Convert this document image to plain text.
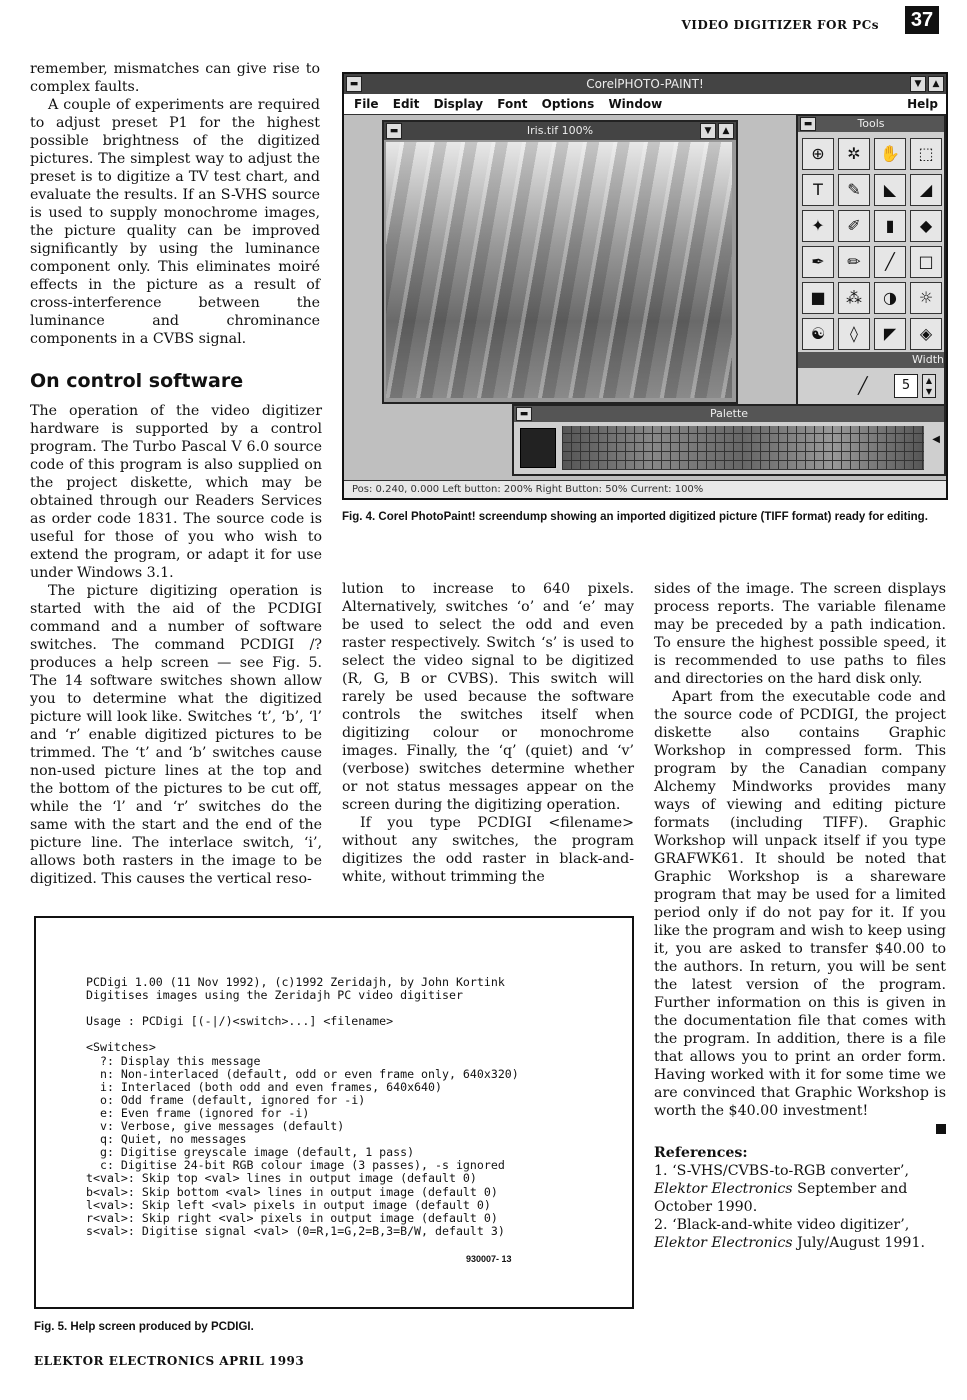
VIDEO DIGITIZER FOR PCs 37

remember, mismatches can give rise to complex faults.

A couple of experiments are required to adjust preset P1 for the highest possible brightness of the digitized pictures. The simplest way to adjust the preset is to digitize a TV test chart, and evaluate the results. If an S-VHS source is used to supply monochrome images, the picture quality can be improved significantly by using the luminance component only. This eliminates moiré effects in the picture as a result of cross-interference between the luminance and chrominance components in a CVBS signal.

On control software

The operation of the video digitizer hardware is supported by a control program. The Turbo Pascal V 6.0 source code of this program is also supplied on the project diskette, which may be obtained through our Readers Services as order code 1831. The source code is useful for those of you who wish to extend the program, or adapt it for use under Windows 3.1.

The picture digitizing operation is started with the aid of the PCDIGI command and a number of software switches. The command PCDIGI /? produces a help screen — see Fig. 5. The 14 software switches shown allow you to determine what the digitized picture will look like. Switches ‘t’, ‘b’, ‘l’ and ‘r’ enable digitized pictures to be trimmed. The ‘t’ and ‘b’ switches cause non-used picture lines at the top and the bottom of the pictures to be cut off, while the ‘l’ and ‘r’ switches do the same with the start and the end of the picture line. The interlace switch, ‘i’, allows both rasters in the image to be digitized. This causes the vertical reso-

▬	CorelPHOTO-PAINT!	▼	▲
File Edit Display Font Options Window	Help
▬	Iris.tif 100%	▼	▲
▬	Tools
⊕	✲	✋	⬚
T	✎	◣	◢
✦	✐	▮	◆
✒	✏	╱	□
■	⁂	◑	☼
☯	◊	◤	◈
Width
╱	5	▲
▼
▬	Palette
◀
Pos: 0.240, 0.000 Left button: 200% Right Button: 50% Current: 100%
Fig. 4. Corel PhotoPaint! screendump showing an imported digitized picture (TIFF format) ready for editing.

lution to increase to 640 pixels. Alternatively, switches ‘o’ and ‘e’ may be used to select the odd and even raster respectively. Switch ‘s’ is used to select the video signal to be digitized (R, G, B or CVBS). This switch will rarely be used because the software controls the switches itself when digitizing colour or monochrome images. Finally, the ‘q’ (quiet) and ‘v’ (verbose) switches determine whether or not status messages appear on the screen during the digitizing operation.

If you type PCDIGI <filename> without any switches, the program digitizes the odd raster in black-and-white, without trimming the

sides of the image. The screen displays process reports. The variable filename may be preceded by a path indication. To ensure the highest possible speed, it is recommended to use paths to files and directories on the hard disk only.

Apart from the executable code and the source code of PCDIGI, the project diskette also contains Graphic Workshop in compressed form. This program by the Canadian company Alchemy Mindworks provides many ways of viewing and editing picture formats (including TIFF). Graphic Workshop will unpack itself if you type GRAFWK61. It should be noted that Graphic Workshop is a shareware program that may be used for a limited period only if do not pay for it. If you like the program and wish to keep using it, you are asked to transfer $40.00 to the authors. In return, you will be sent the latest version of the program. Further information on this is given in the documentation file that comes with the program. In addition, there is a file that allows you to print an order form. Having worked with it for some time we are convinced that Graphic Workshop is worth the $40.00 investment!

References:
1. ‘S-VHS/CVBS-to-RGB converter’, Elektor Electronics September and October 1990.
2. ‘Black-and-white video digitizer’, Elektor Electronics July/August 1991.
PCDigi 1.00 (11 Nov 1992), (c)1992 Zeridajh, by John Kortink
Digitises images using the Zeridajh PC video digitiser

Usage : PCDigi [(-|/)<switch>...] <filename>

<Switches>
?: Display this message
n: Non-interlaced (default, odd or even frame only, 640x320)
i: Interlaced (both odd and even frames, 640x640)
o: Odd frame (default, ignored for -i)
e: Even frame (ignored for -i)
v: Verbose, give messages (default)
q: Quiet, no messages
g: Digitise greyscale image (default, 1 pass)
c: Digitise 24-bit RGB colour image (3 passes), -s ignored
t<val>: Skip top <val> lines in output image (default 0)
b<val>: Skip bottom <val> lines in output image (default 0)
l<val>: Skip left <val> pixels in output image (default 0)
r<val>: Skip right <val> pixels in output image (default 0)
s<val>: Digitise signal <val> (0=R,1=G,2=B,3=B/W, default 3)
930007- 13
Fig. 5. Help screen produced by PCDIGI.
ELEKTOR ELECTRONICS APRIL 1993
